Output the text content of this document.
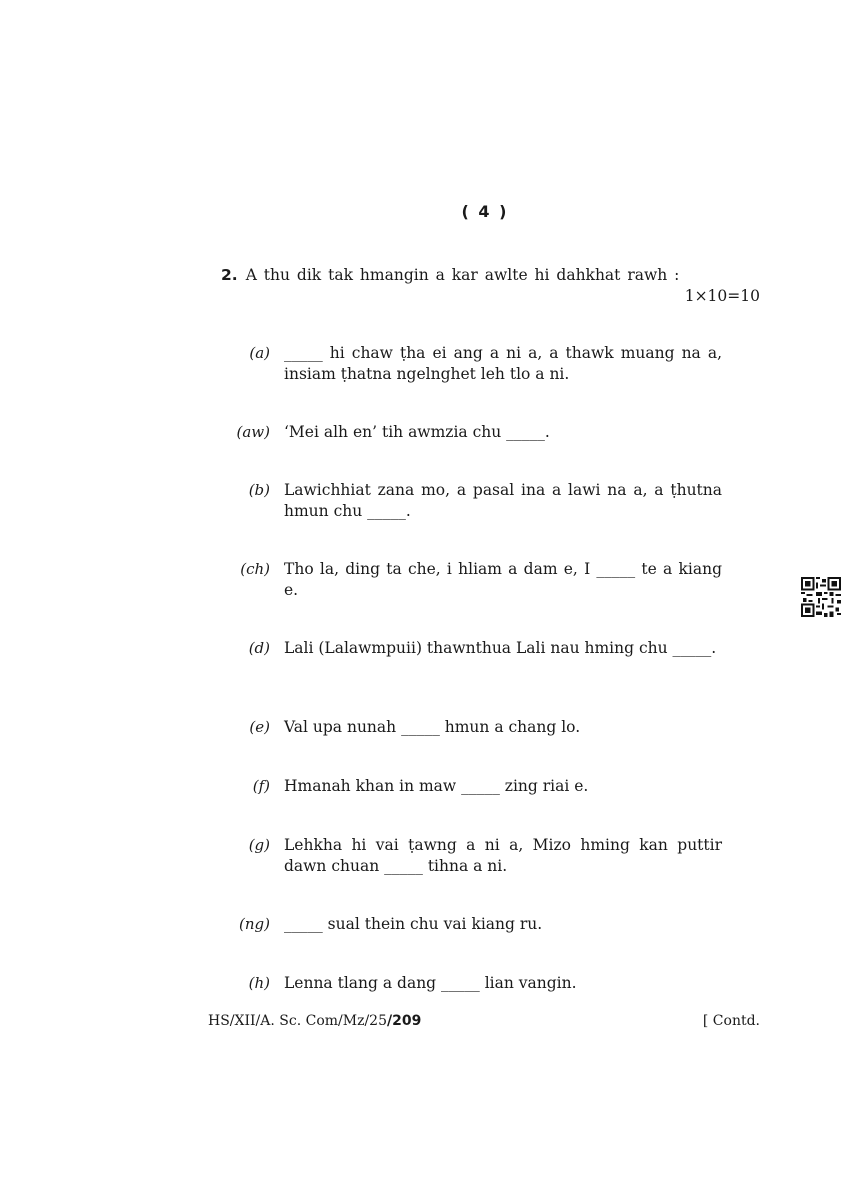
( 4 )
2. A thu dik tak hmangin a kar awlte hi dahkhat rawh :
1×10=10
(a) _____ hi chaw ṭha ei ang a ni a, a thawk muang na a, insiam ṭhatna ngelnghet leh tlo a ni.
(aw) ‘Mei alh en’ tih awmzia chu _____.
(b) Lawichhiat zana mo, a pasal ina a lawi na a, a ṭhutna hmun chu _____.
(ch) Tho la, ding ta che, i hliam a dam e, I _____ te a kiang e.
(d) Lali (Lalawmpuii) thawnthua Lali nau hming chu _____.
(e) Val upa nunah _____ hmun a chang lo.
(f) Hmanah khan in maw _____ zing riai e.
(g) Lehkha hi vai ṭawng a ni a, Mizo hming kan puttir dawn chuan _____ tihna a ni.
(ng) _____ sual thein chu vai kiang ru.
(h) Lenna tlang a dang _____ lian vangin.
HS/XII/A. Sc. Com/Mz/25/209	[ Contd.
